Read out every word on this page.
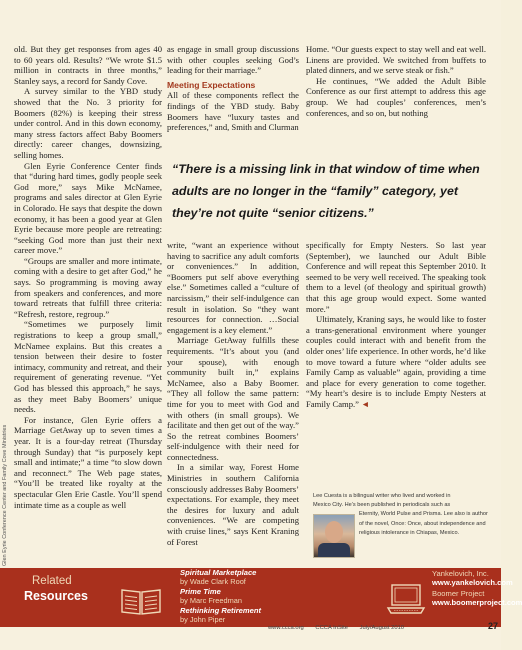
Glen Eyrie Conference Center and Family Cove Ministries

old. But they get responses from ages 40 to 60 years old. Results? “We wrote $1.5 million in contracts in three months,” Stanley says, a record for Sandy Cove.

A survey similar to the YBD study showed that the No. 3 priority for Boomers (82%) is keeping their stress under control. And in this down economy, many stress factors affect Baby Boomers directly: career changes, downsizing, selling homes.

Glen Eyrie Conference Center finds that “during hard times, godly people seek God more,” says Mike McNamee, programs and sales director at Glen Eyrie in Colorado. He says that despite the down economy, it has been a good year at Glen Eyrie because more people are retreating: “seeking God more than just their next career move.”

“Groups are smaller and more intimate, coming with a desire to get after God,” he says. So programming is moving away from speakers and conferences, and more toward retreats that fulfill three criteria: “Refresh, restore, regroup.”

“Sometimes we purposely limit registrations to keep a group small,” McNamee explains. But this creates a tension between their desire to foster intimacy, community and retreat, and their requirement of generating revenue. “Yet God has blessed this approach,” he says, as they meet Baby Boomers’ unique needs.

For instance, Glen Eyrie offers a Marriage GetAway up to seven times a year. It is a four-day retreat (Thursday through Sunday) that “is purposely kept small and intimate;” a time “to slow down and reconnect.” The Web page states, “You’ll be treated like royalty at the spectacular Glen Erie Castle. You’ll spend intimate time as a couple as well

as engage in small group discussions with other couples seeking God’s leading for their marriage.”

Meeting Expectations

All of these components reflect the findings of the YBD study. Baby Boomers have “luxury tastes and preferences,” and, Smith and Clurman

Home. “Our guests expect to stay well and eat well. Linens are provided. We switched from buffets to plated dinners, and we serve steak or fish.”

He continues, “We added the Adult Bible Conference as our first attempt to address this age group. We had couples’ conferences, men’s conferences, and so on, but nothing

“There is a missing link in that window of time when adults are no longer in the “family” category, yet they’re not quite “senior citizens.”

write, “want an experience without having to sacrifice any adult comforts or conveniences.” In addition, “Boomers put self above everything else.” Sometimes called a “culture of narcissism,” their self-indulgence can result in isolation. So “they want resources for connection. …Social engagement is a key element.”

Marriage GetAway fulfills these requirements. “It’s about you (and your spouse), with enough community built in,” explains McNamee, also a Baby Boomer. “They all follow the same pattern: time for you to meet with God and with others (in small groups). We facilitate and then get out of the way.” So the retreat combines Boomers’ self-indulgence with their need for connectedness.

In a similar way, Forest Home Ministries in southern California consciously addresses Baby Boomers’ expectations. For example, they meet the desires for luxury and adult conveniences. “We are competing with cruise lines,” says Kent Kraning of Forest

specifically for Empty Nesters. So last year (September), we launched our Adult Bible Conference and will repeat this September 2010. It seemed to be very well received. The speaking took them to a level (of theology and spiritual growth) that this age group would expect. Some wanted more.”

Ultimately, Kraning says, he would like to foster a trans-generational environment where younger couples could interact with and benefit from the older ones’ life experience. In other words, he’d like to move toward a future where “older adults see Family Camp as valuable” again, providing a time and place for every generation to come together. “My heart’s desire is to include Empty Nesters at Family Camp.” ◄

Lee Cuesta is a bilingual writer who lived and worked in
Mexico City. He’s been published in periodicals such as
Eternity, World Pulse and Prisma. Lee also is author of the novel, Once: Once, about independence and religious intolerance in Chiapas, Mexico.
Related
Resources
Spiritual Marketplace
by Wade Clark Roof
Prime Time
by Marc Freedman
Rethinking Retirement
by John Piper
Yankelovich, Inc.
www.yankelovich.com
Boomer Project
www.boomerproject.com
www.ccca.org CCCA InSite July/August 2010	27
